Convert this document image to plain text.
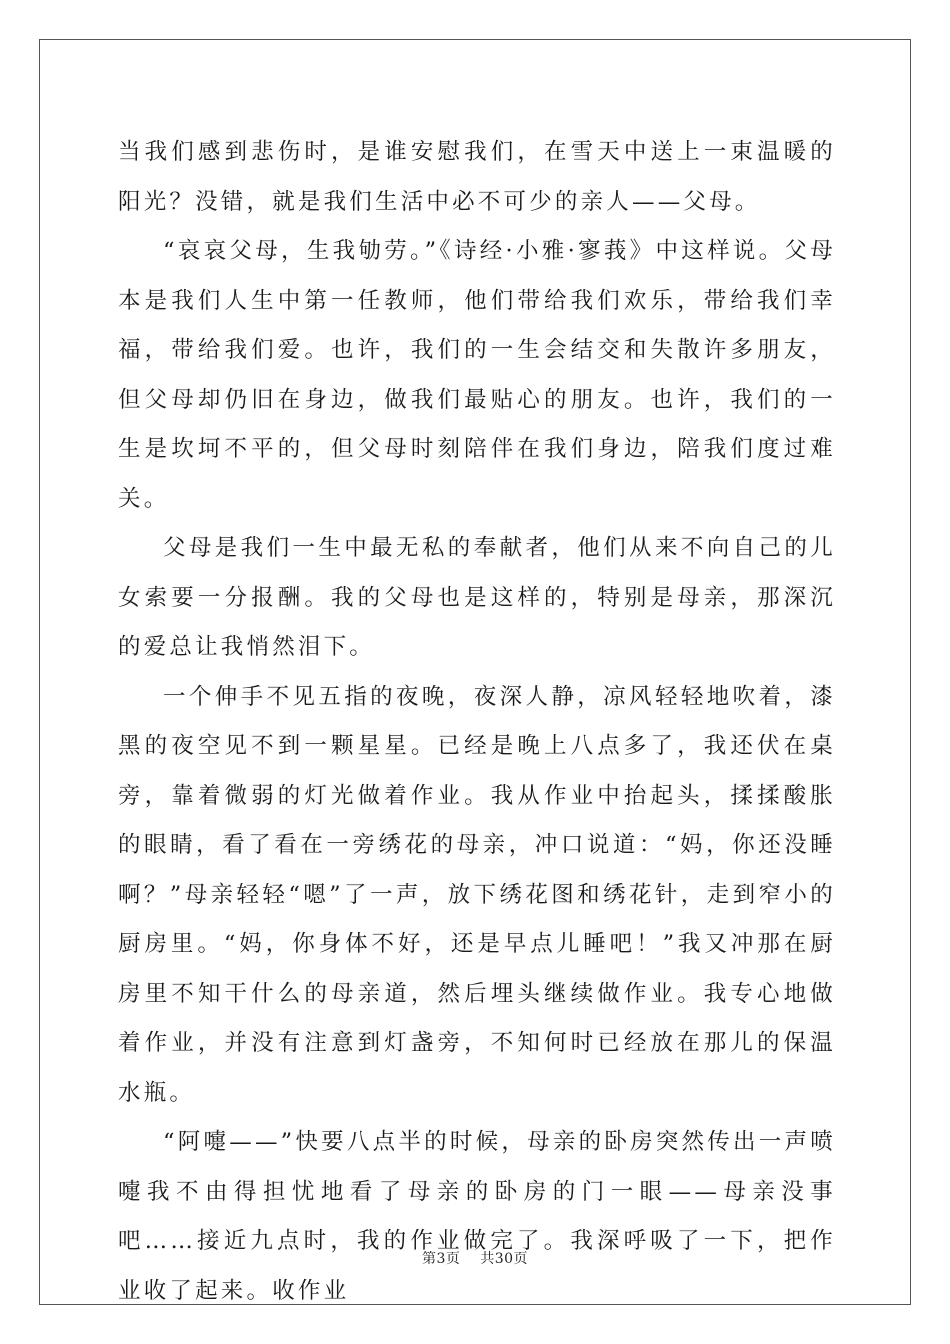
当我们感到悲伤时，是谁安慰我们，在雪天中送上一束温暖的阳光？没错，就是我们生活中必不可少的亲人——父母。

“哀哀父母，生我劬劳。”《诗经·小雅·寥莪》中这样说。父母本是我们人生中第一任教师，他们带给我们欢乐，带给我们幸福，带给我们爱。也许，我们的一生会结交和失散许多朋友，但父母却仍旧在身边，做我们最贴心的朋友。也许，我们的一生是坎坷不平的，但父母时刻陪伴在我们身边，陪我们度过难关。

父母是我们一生中最无私的奉献者，他们从来不向自己的儿女索要一分报酬。我的父母也是这样的，特别是母亲，那深沉的爱总让我悄然泪下。

一个伸手不见五指的夜晚，夜深人静，凉风轻轻地吹着，漆黑的夜空见不到一颗星星。已经是晚上八点多了，我还伏在桌旁，靠着微弱的灯光做着作业。我从作业中抬起头，揉揉酸胀的眼睛，看了看在一旁绣花的母亲，冲口说道：“妈，你还没睡啊？”母亲轻轻“嗯”了一声，放下绣花图和绣花针，走到窄小的厨房里。“妈，你身体不好，还是早点儿睡吧！”我又冲那在厨房里不知干什么的母亲道，然后埋头继续做作业。我专心地做着作业，并没有注意到灯盏旁，不知何时已经放在那儿的保温水瓶。

“阿嚏——”快要八点半的时候，母亲的卧房突然传出一声喷嚏我不由得担忧地看了母亲的卧房的门一眼——母亲没事吧……接近九点时，我的作业做完了。我深呼吸了一下，把作业收了起来。收作业

第3页 共30页
